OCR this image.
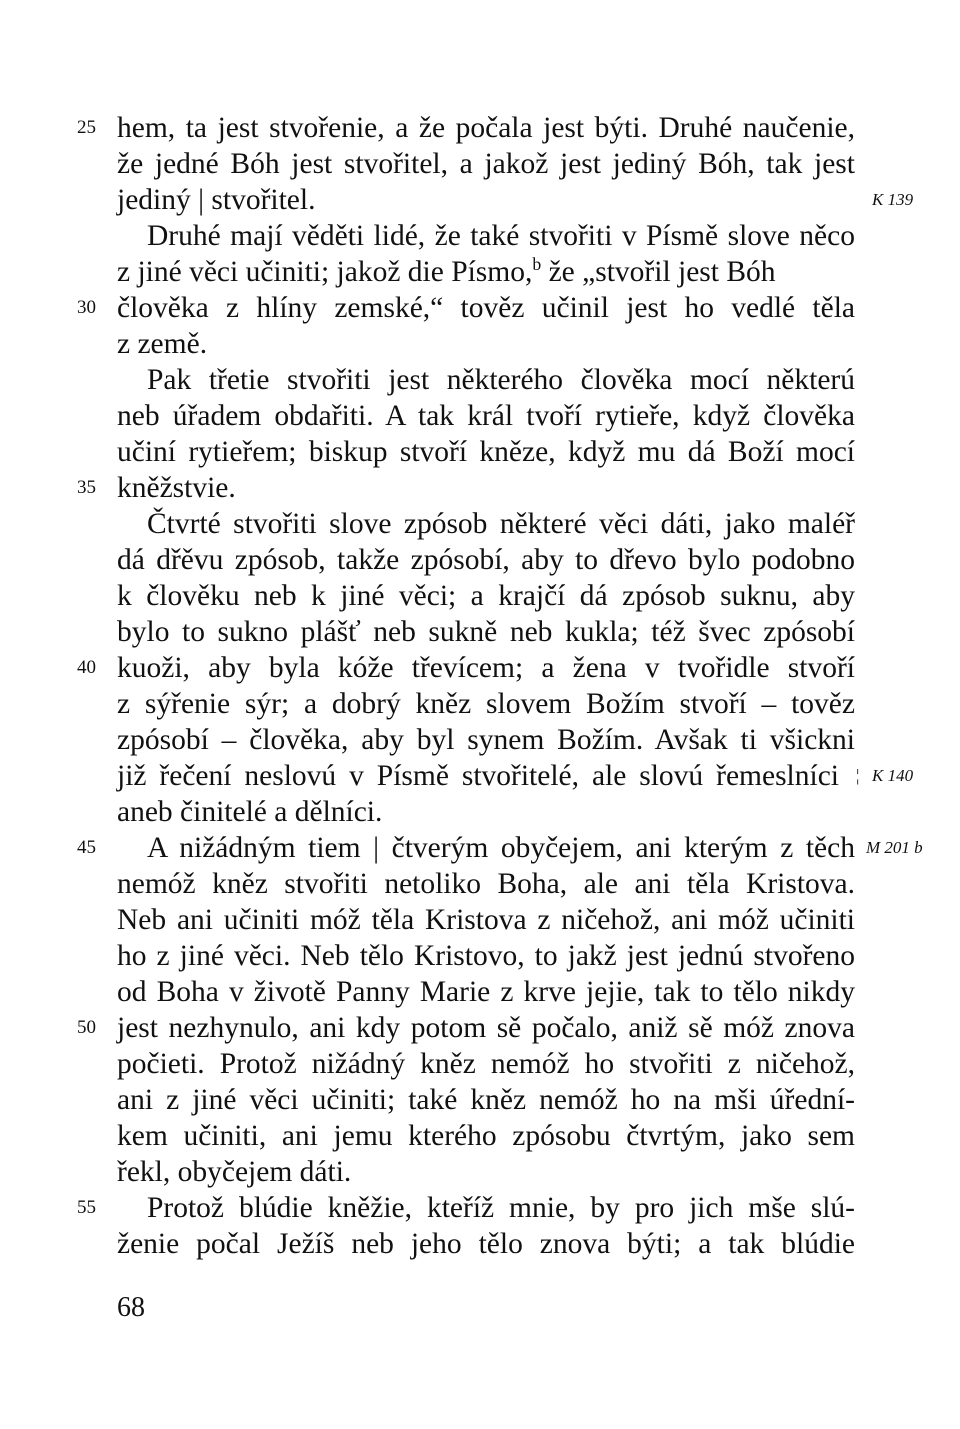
25
30
35
40
45
50
55
K 139
K 140
M 201 b
¦
hem, ta jest stvořenie, a že počala jest býti. Druhé naučenie,
že jedné Bóh jest stvořitel, a jakož jest jediný Bóh, tak jest
jediný | stvořitel.
Druhé mají věděti lidé, že také stvořiti v Písmě slove něco
z jiné věci učiniti; jakož die Písmo,$^b$ že „stvořil jest Bóh
člověka z hlíny zemské,“ tověz učinil jest ho vedlé těla
z země.
Pak třetie stvořiti jest některého člověka mocí některú
neb úřadem obdařiti. A tak král tvoří rytieře, když člověka
učiní rytieřem; biskup stvoří kněze, když mu dá Boží mocí
kněžstvie.
Čtvrté stvořiti slove zpósob některé věci dáti, jako maléř
dá dřěvu zpósob, takže zpósobí, aby to dřevo bylo podobno
k člověku neb k jiné věci; a krajčí dá zpósob suknu, aby
bylo to sukno plášť neb sukně neb kukla; též švec zpósobí
kuoži, aby byla kóže třevícem; a žena v tvořidle stvoří
z sýřenie sýr; a dobrý kněz slovem Božím stvoří – tověz
zpósobí – člověka, aby byl synem Božím. Avšak ti všickni
již řečení neslovú v Písmě stvořitelé, ale slovú řemeslníci
aneb činitelé a dělníci.
A nižádným tiem | čtverým obyčejem, ani kterým z těch
nemóž kněz stvořiti netoliko Boha, ale ani těla Kristova.
Neb ani učiniti móž těla Kristova z ničehož, ani móž učiniti
ho z jiné věci. Neb tělo Kristovo, to jakž jest jednú stvořeno
od Boha v životě Panny Marie z krve jejie, tak to tělo nikdy
jest nezhynulo, ani kdy potom sě počalo, aniž sě móž znova
počieti. Protož nižádný kněz nemóž ho stvořiti z ničehož,
ani z jiné věci učiniti; také kněz nemóž ho na mši úřední-
kem učiniti, ani jemu kterého zpósobu čtvrtým, jako sem
řekl, obyčejem dáti.
Protož blúdie kněžie, kteříž mnie, by pro jich mše slú-
ženie počal Ježíš neb jeho tělo znova býti; a tak blúdie
68
